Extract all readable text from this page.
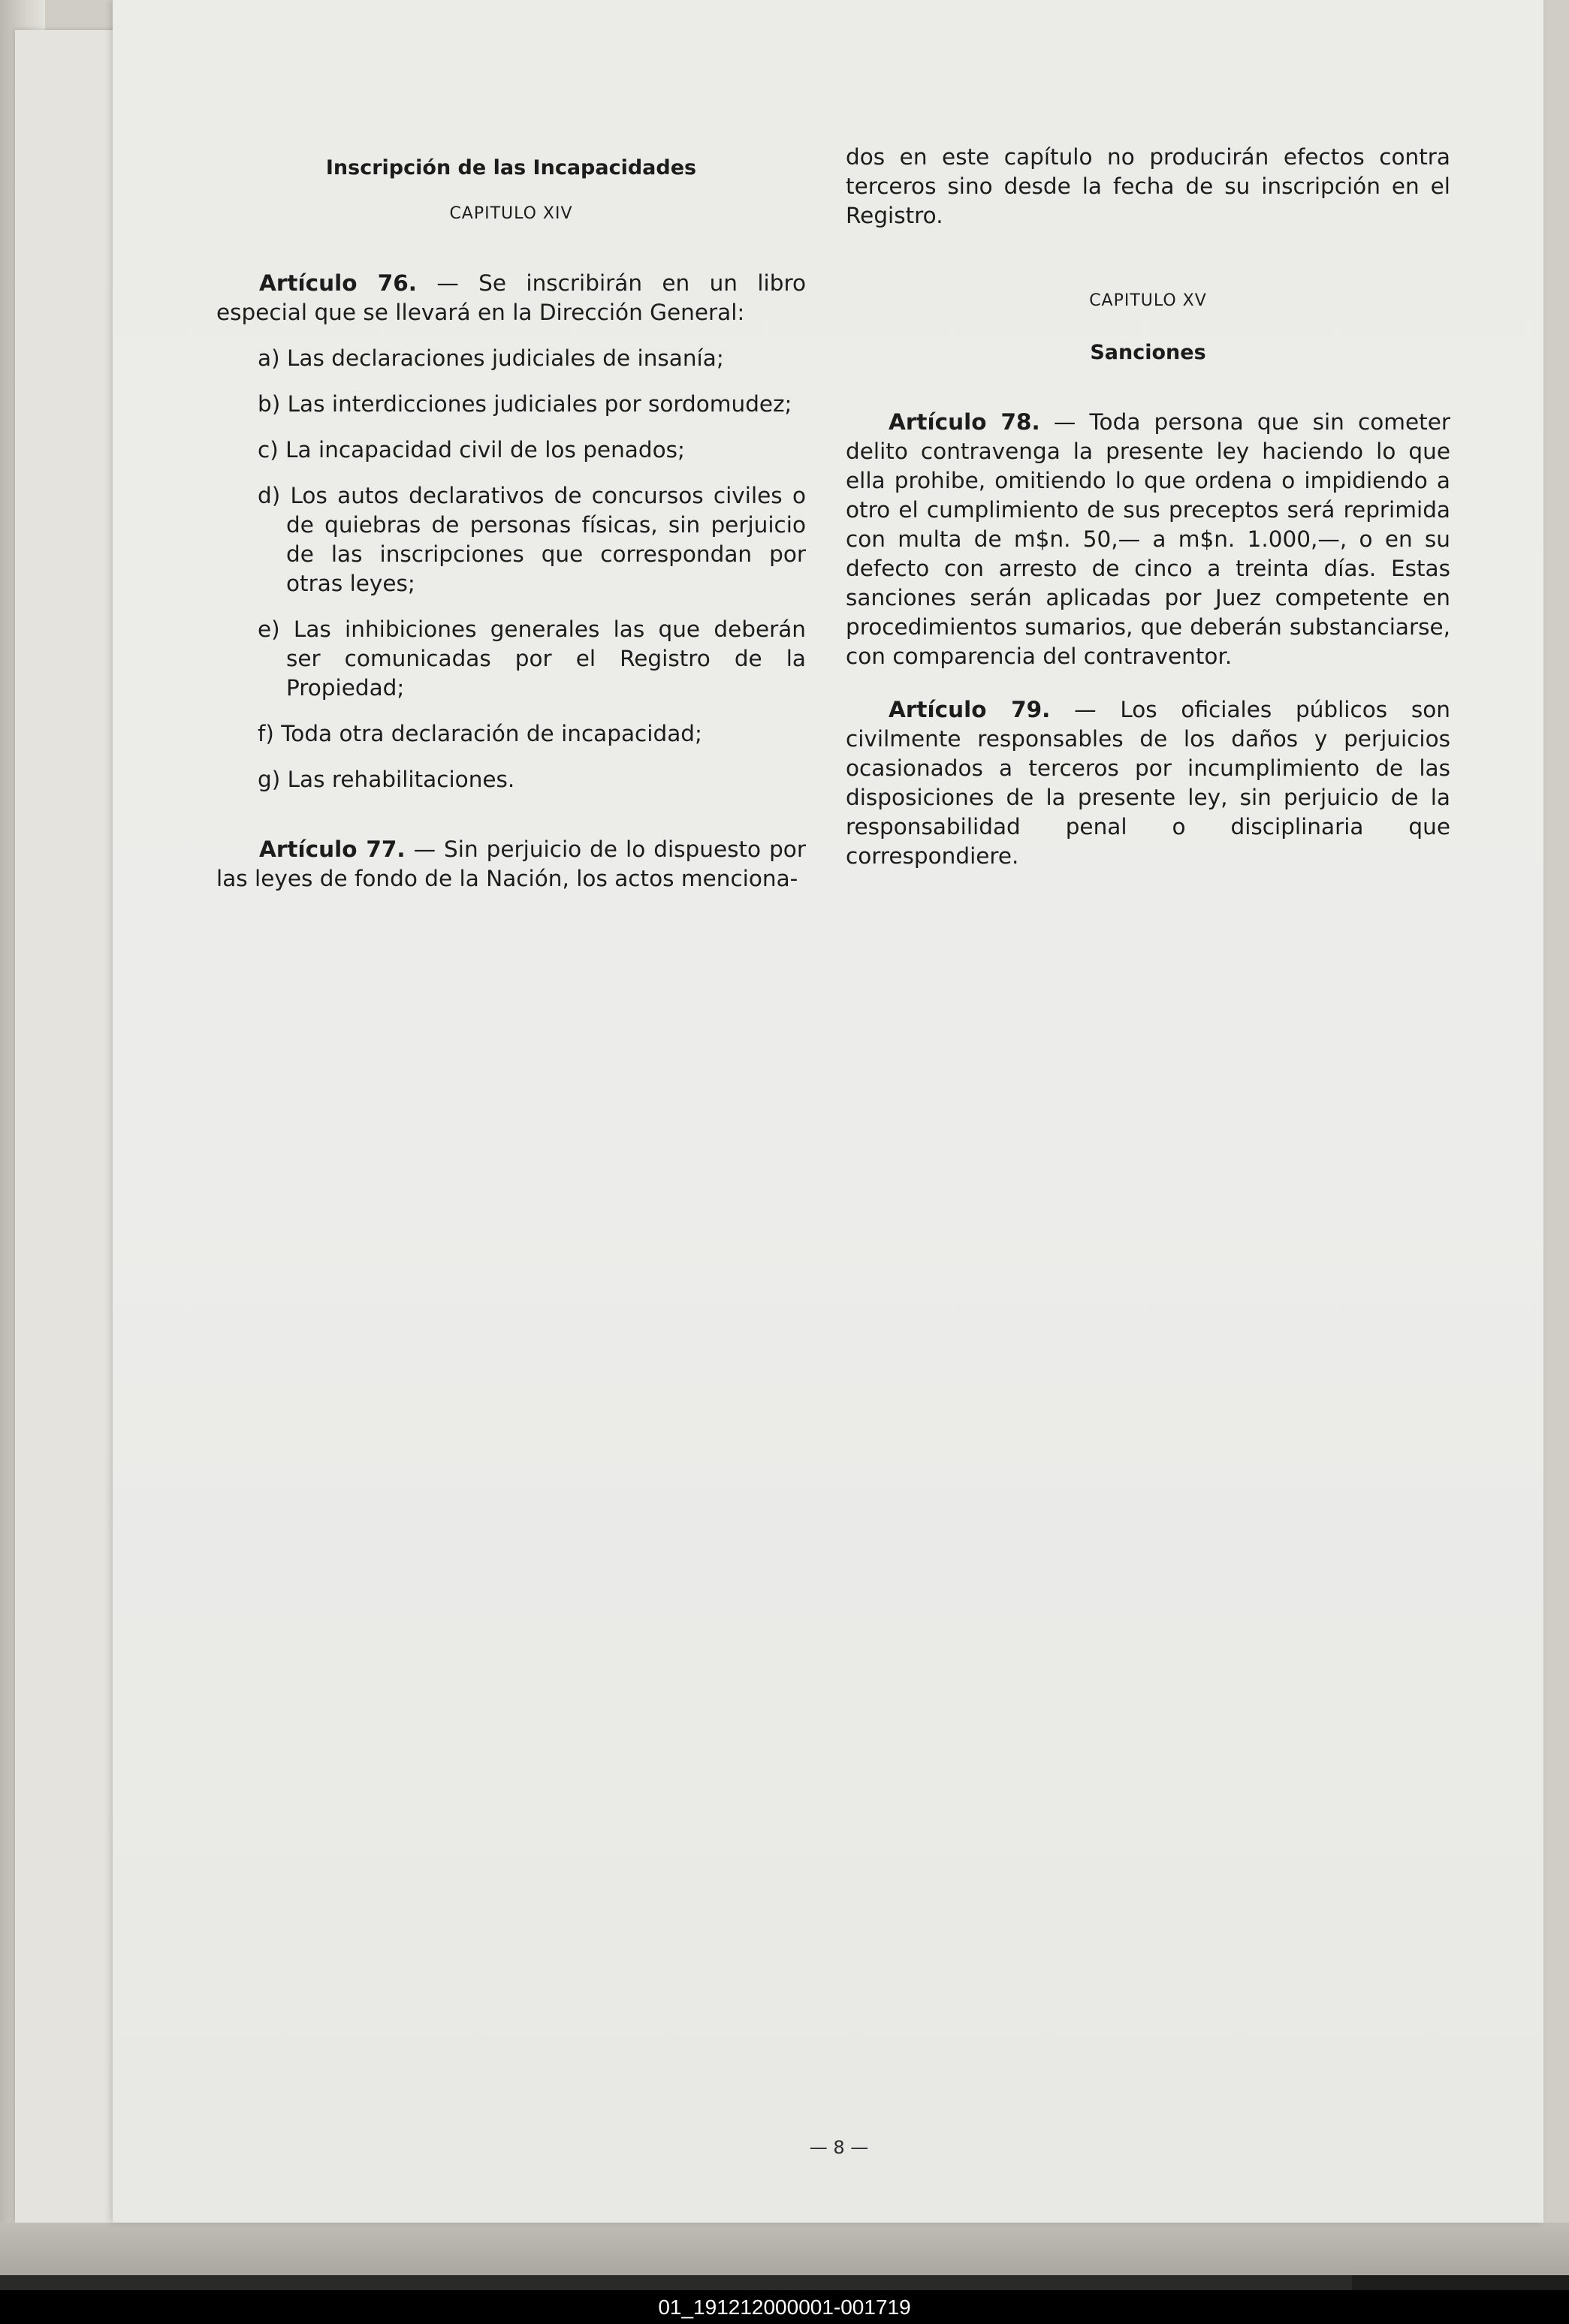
Inscripción de las Incapacidades

CAPITULO XIV

Artículo 76. — Se inscribirán en un libro especial que se llevará en la Dirección General:

a) Las declaraciones judiciales de insanía;

b) Las interdicciones judiciales por sordomudez;

c) La incapacidad civil de los penados;

d) Los autos declarativos de concursos civiles o de quiebras de personas físicas, sin perjuicio de las inscripciones que correspondan por otras leyes;

e) Las inhibiciones generales las que deberán ser comunicadas por el Registro de la Propiedad;

f) Toda otra declaración de incapacidad;

g) Las rehabilitaciones.

Artículo 77. — Sin perjuicio de lo dispuesto por las leyes de fondo de la Nación, los actos menciona-

dos en este capítulo no producirán efectos contra terceros sino desde la fecha de su inscripción en el Registro.

CAPITULO XV

Sanciones

Artículo 78. — Toda persona que sin cometer delito contravenga la presente ley haciendo lo que ella prohibe, omitiendo lo que ordena o impidiendo a otro el cumplimiento de sus preceptos será reprimida con multa de m$n. 50,— a m$n. 1.000,—, o en su defecto con arresto de cinco a treinta días. Estas sanciones serán aplicadas por Juez competente en procedimientos sumarios, que deberán substanciarse, con comparencia del contraventor.

Artículo 79. — Los oficiales públicos son civilmente responsables de los daños y perjuicios ocasionados a terceros por incumplimiento de las disposiciones de la presente ley, sin perjuicio de la responsabilidad penal o disciplinaria que correspondiere.

— 8 —
01_191212000001-001719
